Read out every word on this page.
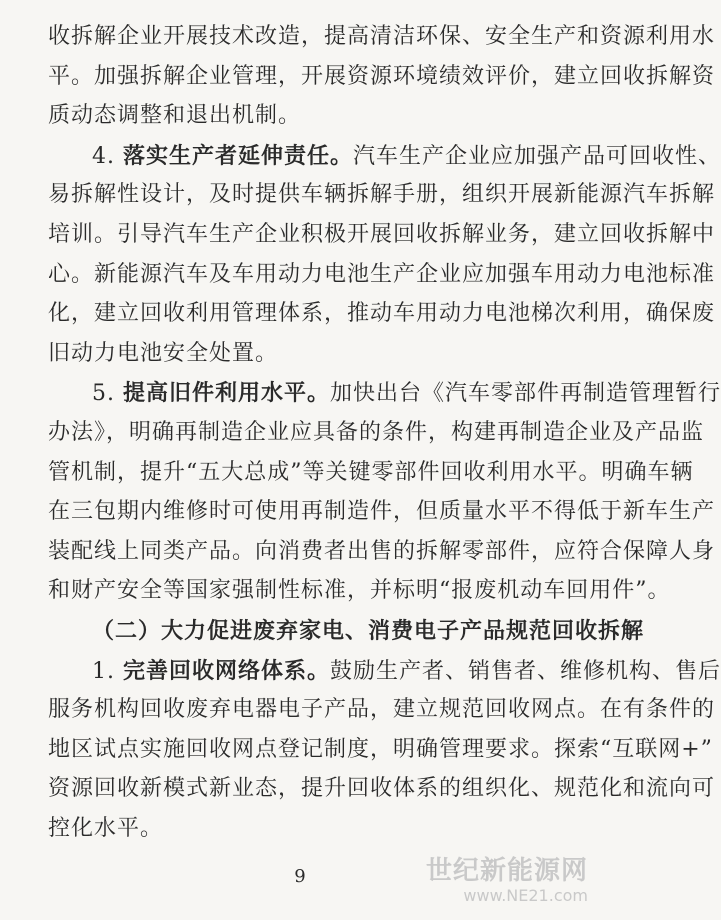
收拆解企业开展技术改造，提高清洁环保、安全生产和资源利用水
平。加强拆解企业管理，开展资源环境绩效评价，建立回收拆解资
质动态调整和退出机制。
4. 落实生产者延伸责任。汽车生产企业应加强产品可回收性、
易拆解性设计，及时提供车辆拆解手册，组织开展新能源汽车拆解
培训。引导汽车生产企业积极开展回收拆解业务，建立回收拆解中
心。新能源汽车及车用动力电池生产企业应加强车用动力电池标准
化，建立回收利用管理体系，推动车用动力电池梯次利用，确保废
旧动力电池安全处置。
5. 提高旧件利用水平。加快出台《汽车零部件再制造管理暂行
办法》，明确再制造企业应具备的条件，构建再制造企业及产品监
管机制，提升“五大总成”等关键零部件回收利用水平。明确车辆
在三包期内维修时可使用再制造件，但质量水平不得低于新车生产
装配线上同类产品。向消费者出售的拆解零部件，应符合保障人身
和财产安全等国家强制性标准，并标明“报废机动车回用件”。
（二）大力促进废弃家电、消费电子产品规范回收拆解
1. 完善回收网络体系。鼓励生产者、销售者、维修机构、售后
服务机构回收废弃电器电子产品，建立规范回收网点。在有条件的
地区试点实施回收网点登记制度，明确管理要求。探索“互联网+”
资源回收新模式新业态，提升回收体系的组织化、规范化和流向可
控化水平。
9	世纪新能源网
www.NE21.com
